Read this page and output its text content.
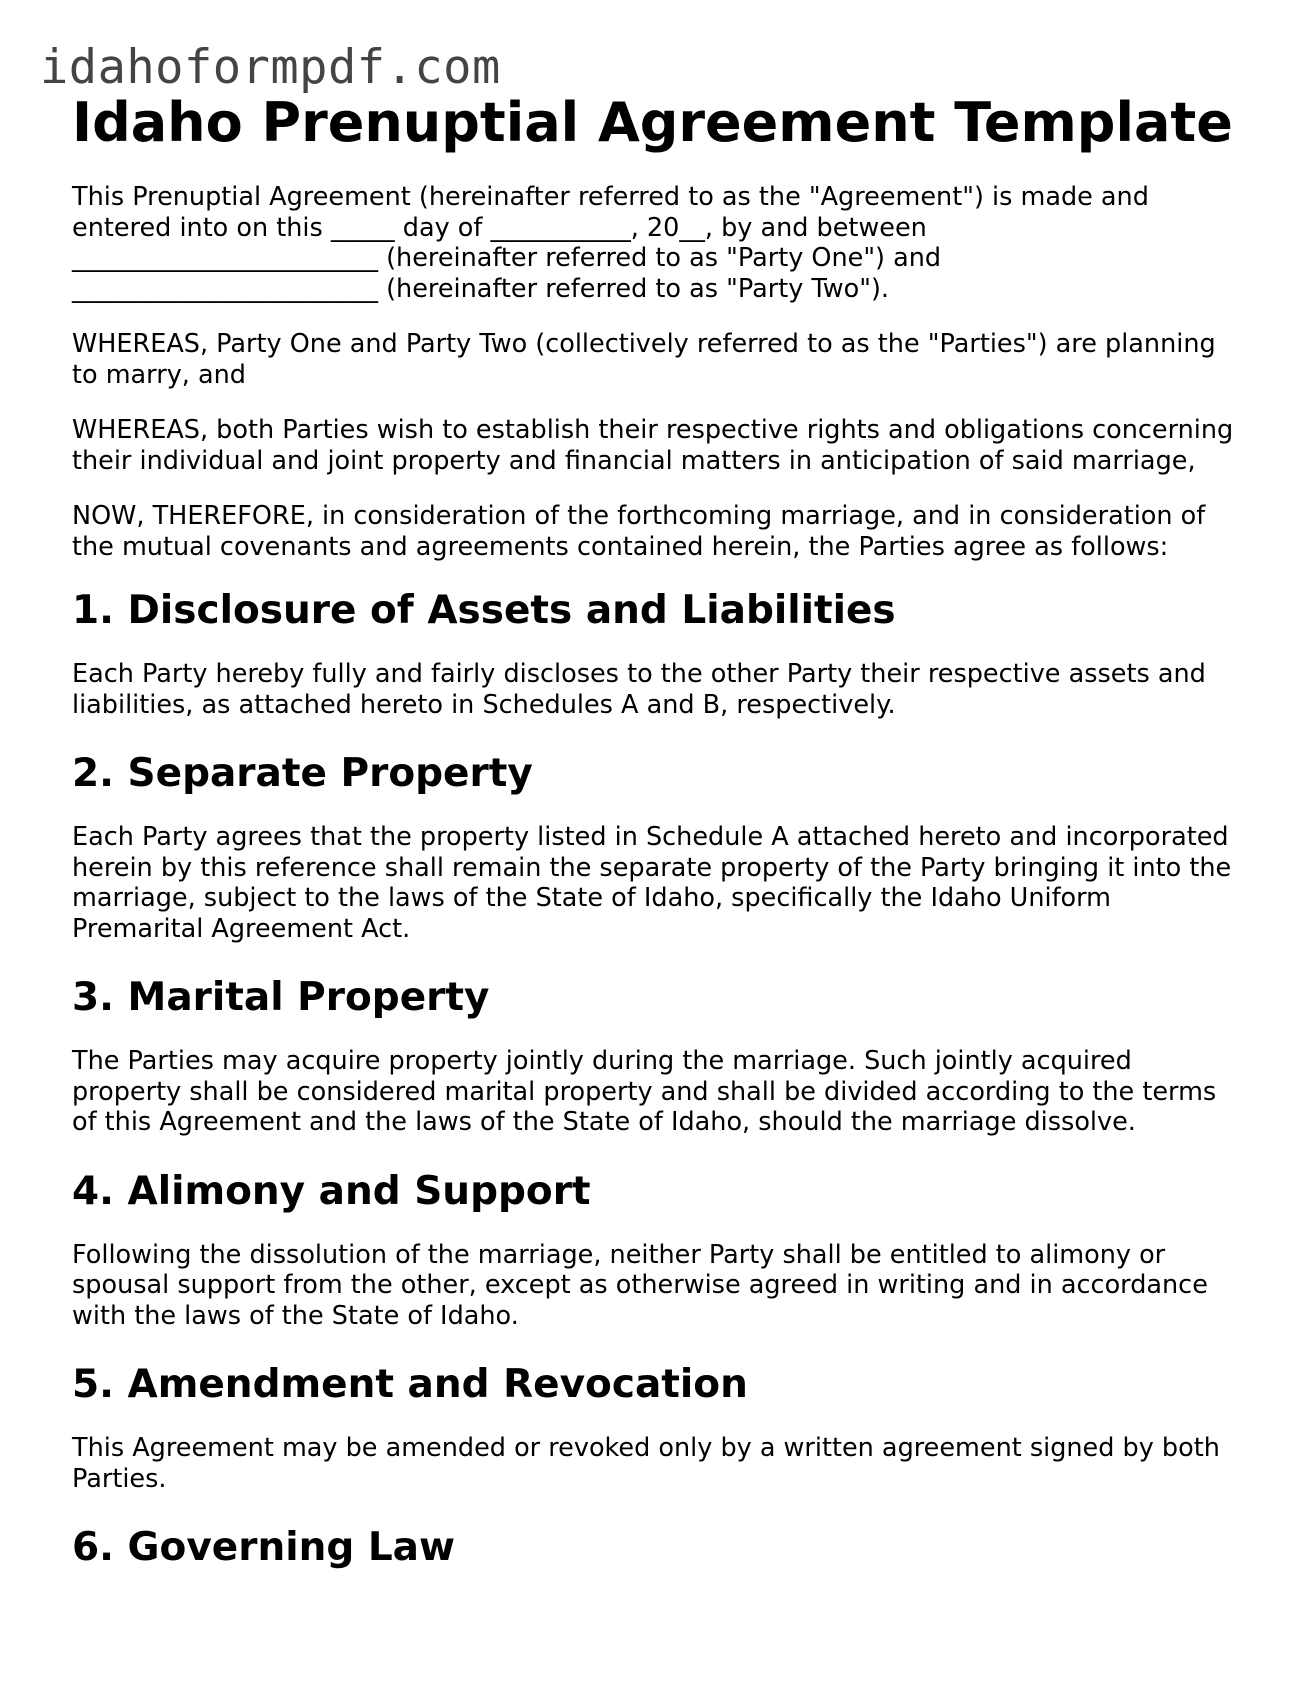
idahoformpdf.com
Idaho Prenuptial Agreement Template
This Prenuptial Agreement (hereinafter referred to as the "Agreement") is made and
entered into on this _____ day of ___________, 20__, by and between
________________________ (hereinafter referred to as "Party One") and
________________________ (hereinafter referred to as "Party Two").
WHEREAS, Party One and Party Two (collectively referred to as the "Parties") are planning
to marry, and
WHEREAS, both Parties wish to establish their respective rights and obligations concerning
their individual and joint property and financial matters in anticipation of said marriage,
NOW, THEREFORE, in consideration of the forthcoming marriage, and in consideration of
the mutual covenants and agreements contained herein, the Parties agree as follows:
1. Disclosure of Assets and Liabilities
Each Party hereby fully and fairly discloses to the other Party their respective assets and
liabilities, as attached hereto in Schedules A and B, respectively.
2. Separate Property
Each Party agrees that the property listed in Schedule A attached hereto and incorporated
herein by this reference shall remain the separate property of the Party bringing it into the
marriage, subject to the laws of the State of Idaho, specifically the Idaho Uniform
Premarital Agreement Act.
3. Marital Property
The Parties may acquire property jointly during the marriage. Such jointly acquired
property shall be considered marital property and shall be divided according to the terms
of this Agreement and the laws of the State of Idaho, should the marriage dissolve.
4. Alimony and Support
Following the dissolution of the marriage, neither Party shall be entitled to alimony or
spousal support from the other, except as otherwise agreed in writing and in accordance
with the laws of the State of Idaho.
5. Amendment and Revocation
This Agreement may be amended or revoked only by a written agreement signed by both
Parties.
6. Governing Law
